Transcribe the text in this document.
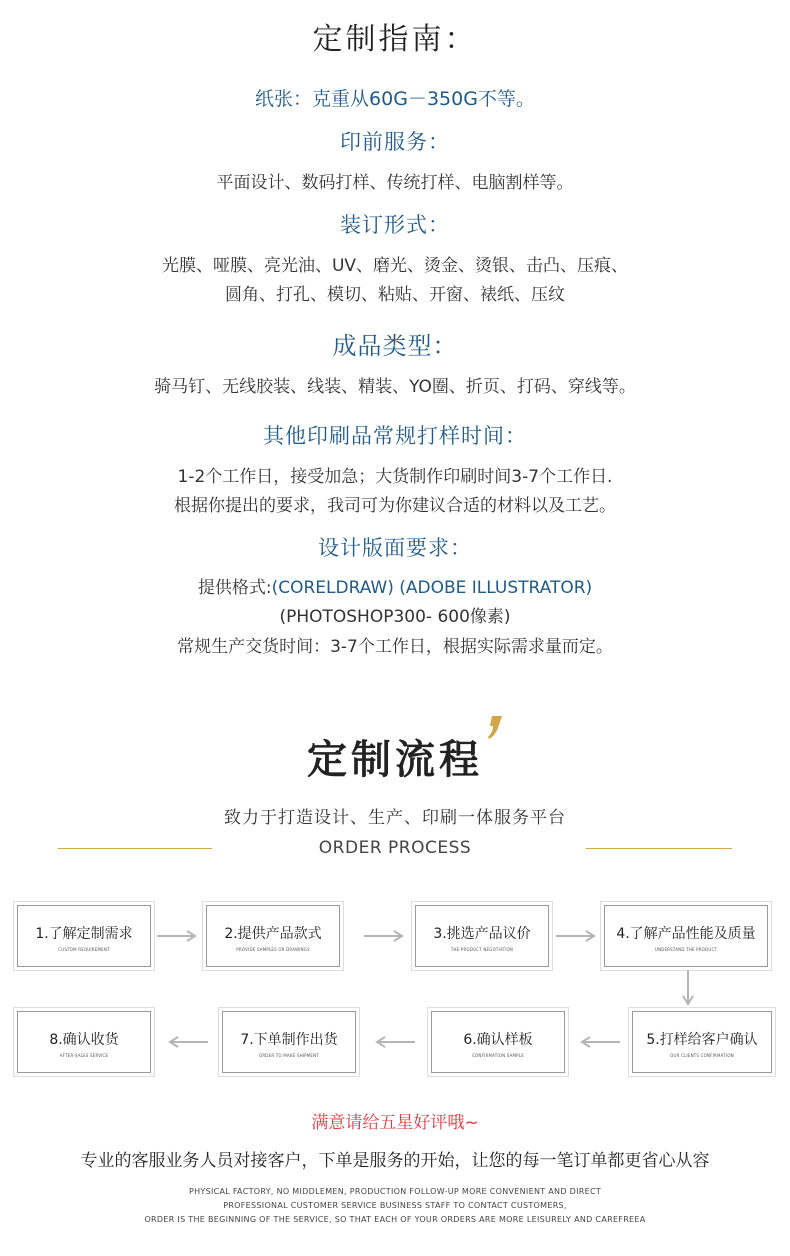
定制指南：
纸张：克重从60G－350G不等。
印前服务：
平面设计、数码打样、传统打样、电脑割样等。
装订形式：
光膜、哑膜、亮光油、UV、磨光、烫金、烫银、击凸、压痕、
圆角、打孔、模切、粘贴、开窗、裱纸、压纹
成品类型：
骑马钉、无线胶装、线装、精装、YO圈、折页、打码、穿线等。
其他印刷品常规打样时间：
1-2个工作日，接受加急；大货制作印刷时间3-7个工作日.
根据你提出的要求，我司可为你建议合适的材料以及工艺。
设计版面要求：
提供格式:(CORELDRAW) (ADOBE ILLUSTRATOR)
(PHOTOSHOP300- 600像素)
常规生产交货时间：3-7个工作日，根据实际需求量而定。
定制流程
致力于打造设计、生产、印刷一体服务平台
ORDER PROCESS
1.了解定制需求
CUSTOM REQUIREMENT
2.提供产品款式
PROVIDE SAMPLES OR DRAWINGS
3.挑选产品议价
THE PRODUCT NEGOTIATION
4.了解产品性能及质量
UNDERSTAND THE PRODUCT
5.打样给客户确认
OUR CLIENTS CONFIRMATION
6.确认样板
CONFIRMATION SAMPLE
7.下单制作出货
ORDER TO MAKE SHIPMENT
8.确认收货
AFTER-SALES SERVICE
满意请给五星好评哦~
专业的客服业务人员对接客户，下单是服务的开始，让您的每一笔订单都更省心从容
PHYSICAL FACTORY, NO MIDDLEMEN, PRODUCTION FOLLOW-UP MORE CONVENIENT AND DIRECT
PROFESSIONAL CUSTOMER SERVICE BUSINESS STAFF TO CONTACT CUSTOMERS,
ORDER IS THE BEGINNING OF THE SERVICE, SO THAT EACH OF YOUR ORDERS ARE MORE LEISURELY AND CAREFREEA
